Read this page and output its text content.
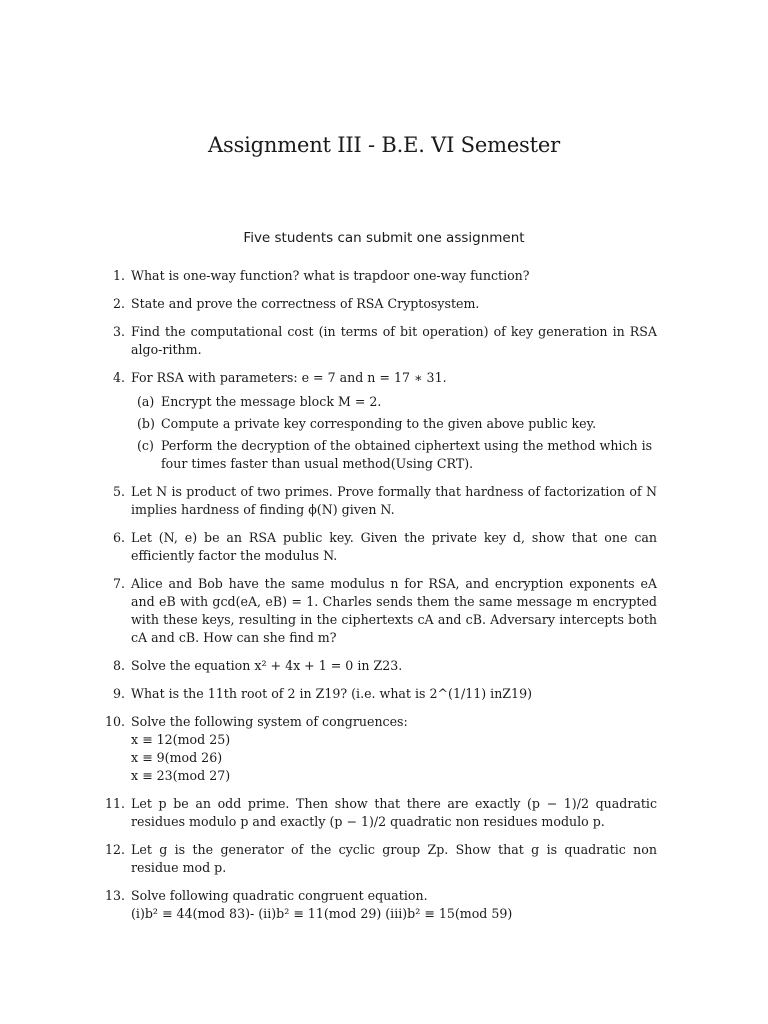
Assignment III - B.E. VI Semester

Five students can submit one assignment

1. What is one-way function? what is trapdoor one-way function?
2. State and prove the correctness of RSA Cryptosystem.
3. Find the computational cost (in terms of bit operation) of key generation in RSA algo-rithm.
4. For RSA with parameters: e = 7 and n = 17 ∗ 31.
(a) Encrypt the message block M = 2.
(b) Compute a private key corresponding to the given above public key.
(c) Perform the decryption of the obtained ciphertext using the method which is four times faster than usual method(Using CRT).
5. Let N is product of two primes. Prove formally that hardness of factorization of N implies hardness of finding ϕ(N) given N.
6. Let (N, e) be an RSA public key. Given the private key d, show that one can efficiently factor the modulus N.
7. Alice and Bob have the same modulus n for RSA, and encryption exponents eA and eB with gcd(eA, eB) = 1. Charles sends them the same message m encrypted with these keys, resulting in the ciphertexts cA and cB. Adversary intercepts both cA and cB. How can she find m?
8. Solve the equation x² + 4x + 1 = 0 in Z23.
9. What is the 11th root of 2 in Z19? (i.e. what is 2^(1/11) inZ19)
10. Solve the following system of congruences:
x ≡ 12(mod 25)
x ≡ 9(mod 26)
x ≡ 23(mod 27)
11. Let p be an odd prime. Then show that there are exactly (p − 1)/2 quadratic residues modulo p and exactly (p − 1)/2 quadratic non residues modulo p.
12. Let g is the generator of the cyclic group Zp. Show that g is quadratic non residue mod p.
13. Solve following quadratic congruent equation.
(i)b² ≡ 44(mod 83)- (ii)b² ≡ 11(mod 29) (iii)b² ≡ 15(mod 59)
